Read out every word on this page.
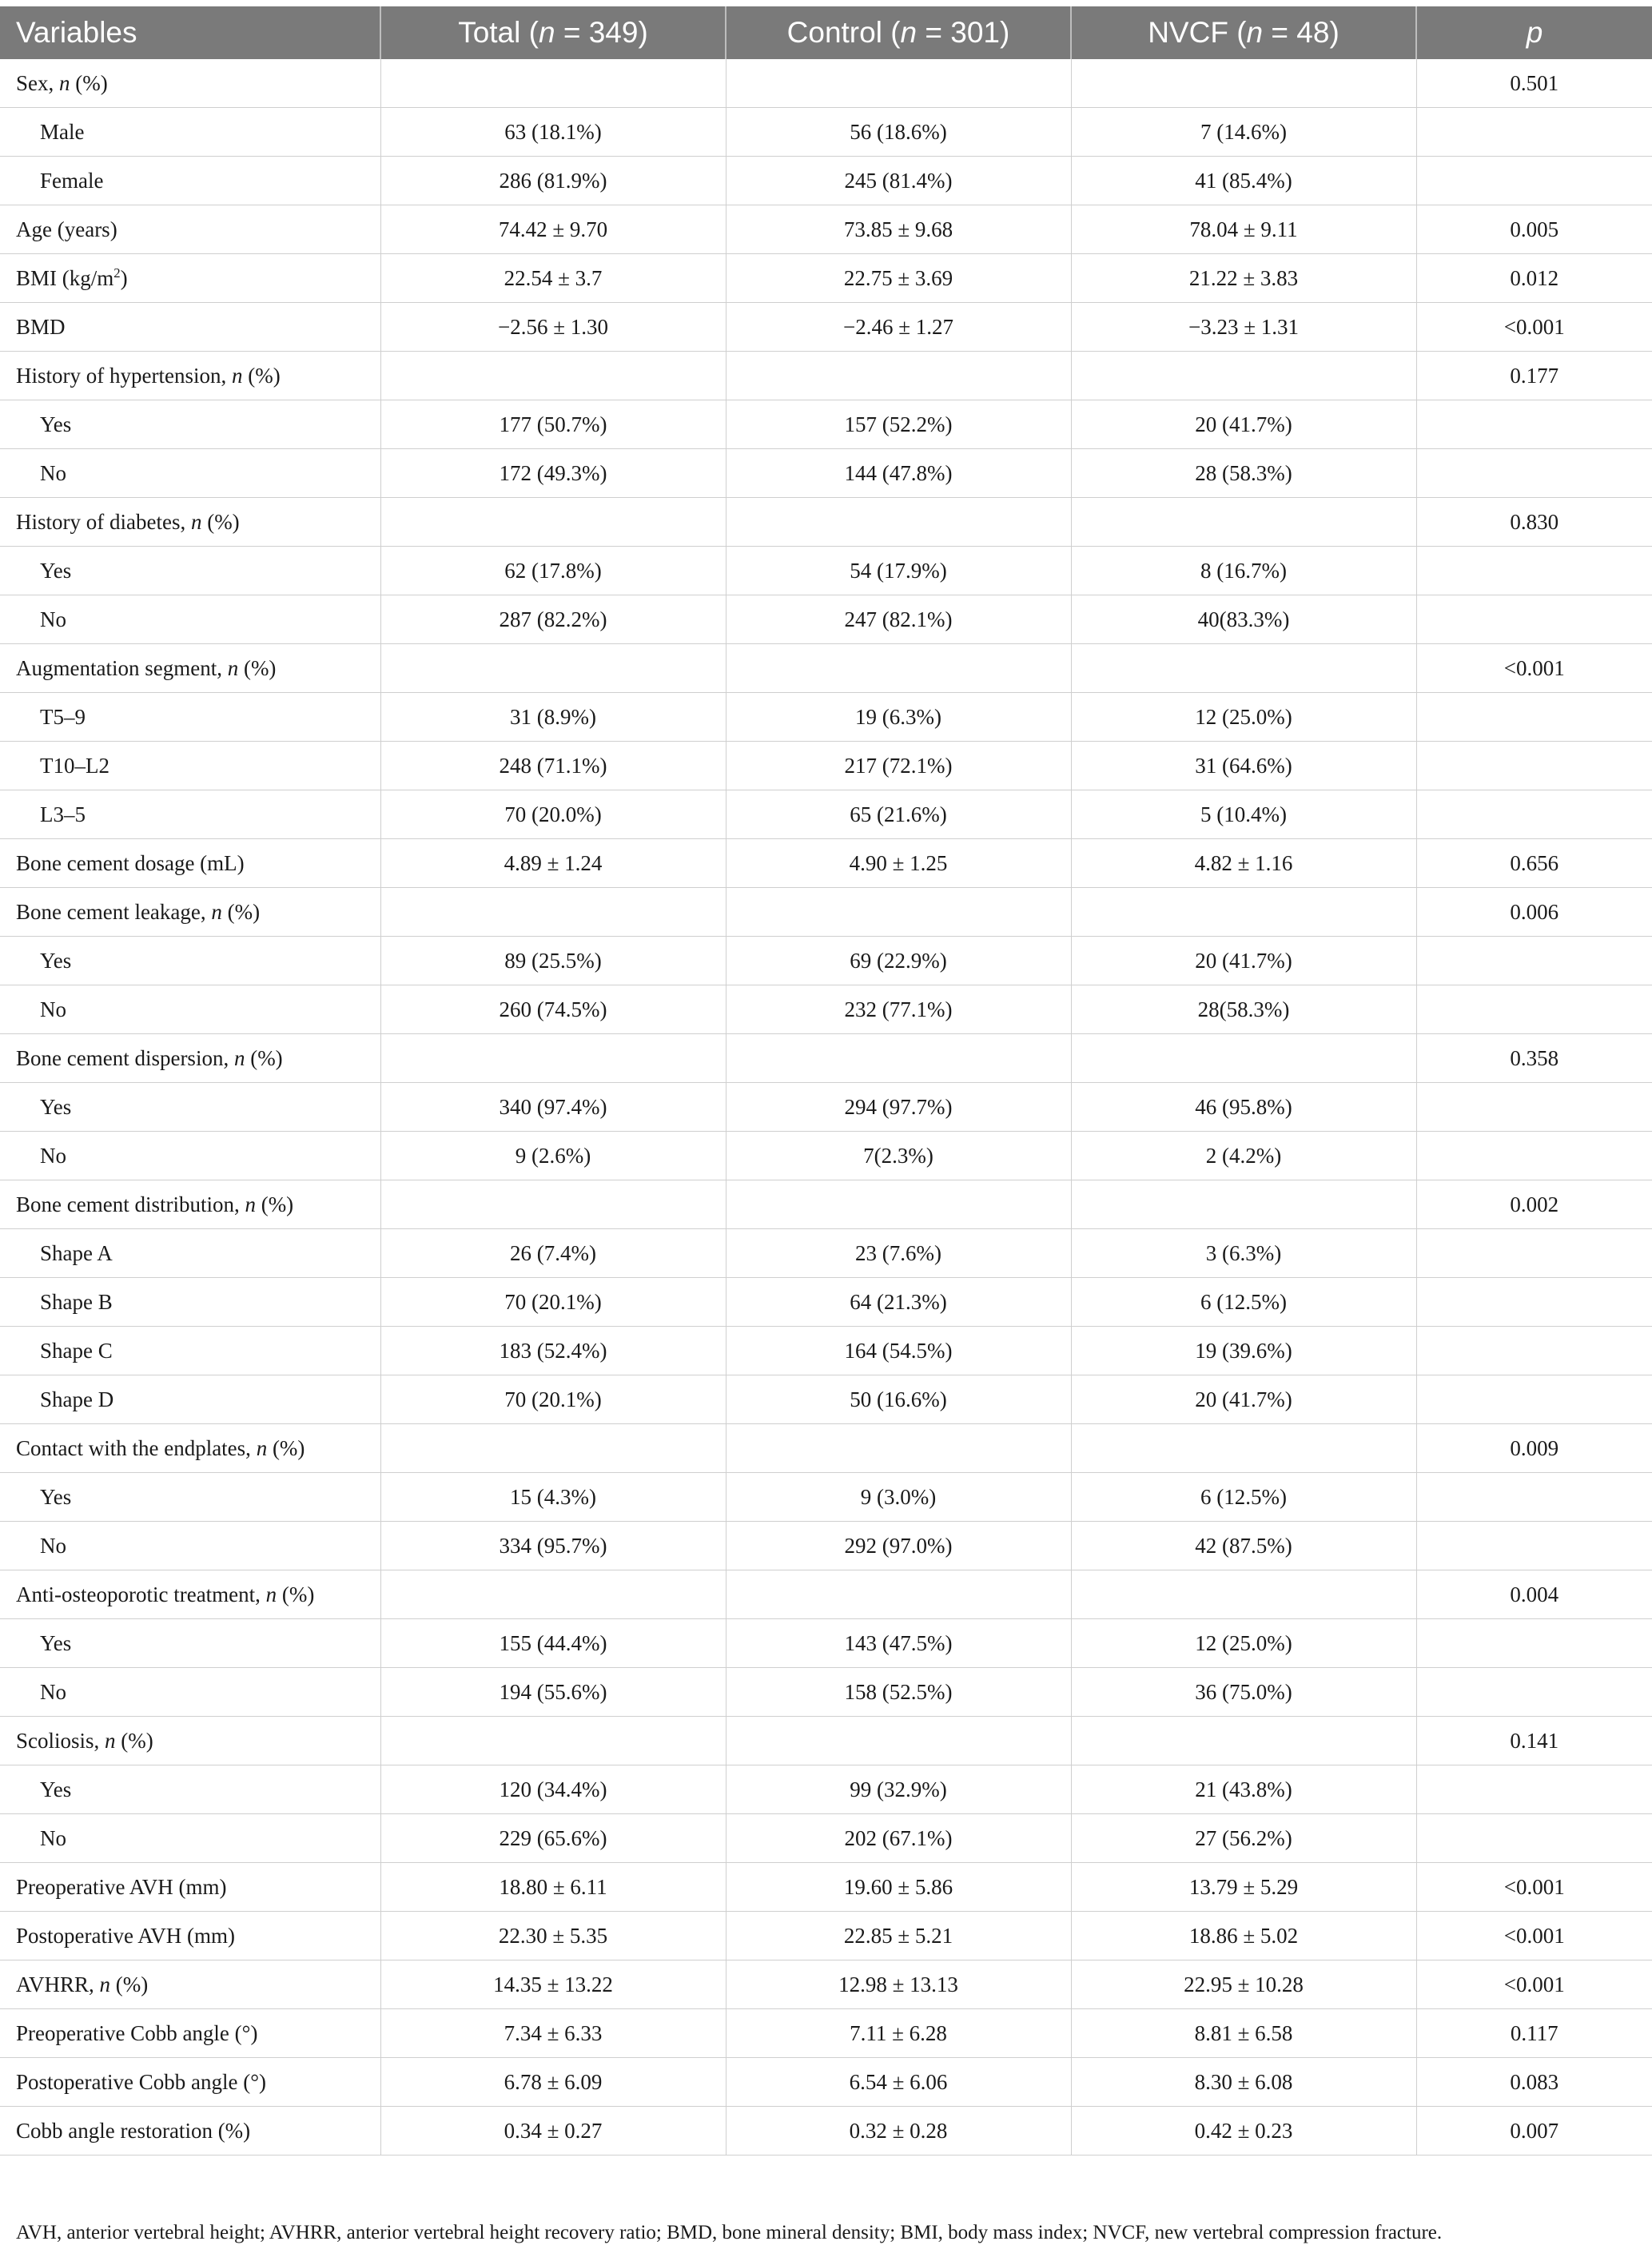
Variables	Total (n = 349)	Control (n = 301)	NVCF (n = 48)	p
Sex, n (%)				0.501
Male	63 (18.1%)	56 (18.6%)	7 (14.6%)	
Female	286 (81.9%)	245 (81.4%)	41 (85.4%)	
Age (years)	74.42 ± 9.70	73.85 ± 9.68	78.04 ± 9.11	0.005
BMI $(kg/m^2)$	22.54 ± 3.7	22.75 ± 3.69	21.22 ± 3.83	0.012
BMD	−2.56 ± 1.30	−2.46 ± 1.27	−3.23 ± 1.31	<0.001
History of hypertension, n (%)				0.177
Yes	177 (50.7%)	157 (52.2%)	20 (41.7%)	
No	172 (49.3%)	144 (47.8%)	28 (58.3%)	
History of diabetes, n (%)				0.830
Yes	62 (17.8%)	54 (17.9%)	8 (16.7%)	
No	287 (82.2%)	247 (82.1%)	40(83.3%)	
Augmentation segment, n (%)				<0.001
T5–9	31 (8.9%)	19 (6.3%)	12 (25.0%)	
T10–L2	248 (71.1%)	217 (72.1%)	31 (64.6%)	
L3–5	70 (20.0%)	65 (21.6%)	5 (10.4%)	
Bone cement dosage (mL)	4.89 ± 1.24	4.90 ± 1.25	4.82 ± 1.16	0.656
Bone cement leakage, n (%)				0.006
Yes	89 (25.5%)	69 (22.9%)	20 (41.7%)	
No	260 (74.5%)	232 (77.1%)	28(58.3%)	
Bone cement dispersion, n (%)				0.358
Yes	340 (97.4%)	294 (97.7%)	46 (95.8%)	
No	9 (2.6%)	7(2.3%)	2 (4.2%)	
Bone cement distribution, n (%)				0.002
Shape A	26 (7.4%)	23 (7.6%)	3 (6.3%)	
Shape B	70 (20.1%)	64 (21.3%)	6 (12.5%)	
Shape C	183 (52.4%)	164 (54.5%)	19 (39.6%)	
Shape D	70 (20.1%)	50 (16.6%)	20 (41.7%)	
Contact with the endplates, n (%)				0.009
Yes	15 (4.3%)	9 (3.0%)	6 (12.5%)	
No	334 (95.7%)	292 (97.0%)	42 (87.5%)	
Anti-osteoporotic treatment, n (%)				0.004
Yes	155 (44.4%)	143 (47.5%)	12 (25.0%)	
No	194 (55.6%)	158 (52.5%)	36 (75.0%)	
Scoliosis, n (%)				0.141
Yes	120 (34.4%)	99 (32.9%)	21 (43.8%)	
No	229 (65.6%)	202 (67.1%)	27 (56.2%)	
Preoperative AVH (mm)	18.80 ± 6.11	19.60 ± 5.86	13.79 ± 5.29	<0.001
Postoperative AVH (mm)	22.30 ± 5.35	22.85 ± 5.21	18.86 ± 5.02	<0.001
AVHRR, n (%)	14.35 ± 13.22	12.98 ± 13.13	22.95 ± 10.28	<0.001
Preoperative Cobb angle (°)	7.34 ± 6.33	7.11 ± 6.28	8.81 ± 6.58	0.117
Postoperative Cobb angle (°)	6.78 ± 6.09	6.54 ± 6.06	8.30 ± 6.08	0.083
Cobb angle restoration (%)	0.34 ± 0.27	0.32 ± 0.28	0.42 ± 0.23	0.007
AVH, anterior vertebral height; AVHRR, anterior vertebral height recovery ratio; BMD, bone mineral density; BMI, body mass index; NVCF, new vertebral compression fracture.
